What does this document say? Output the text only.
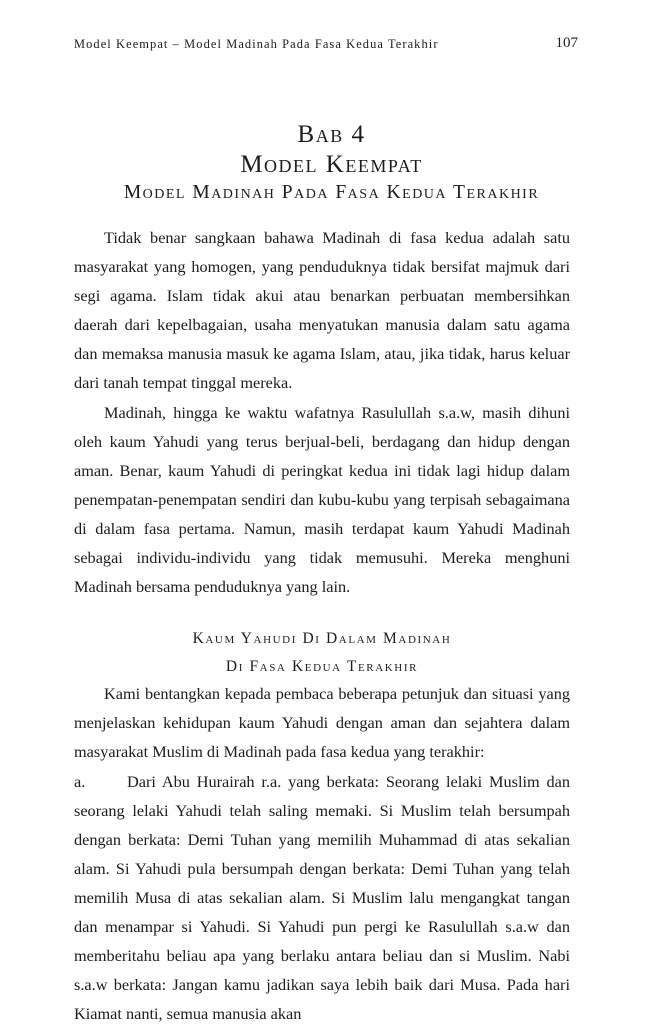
Model Keempat – Model Madinah Pada Fasa Kedua Terakhir	107
Bab 4
Model Keempat
Model Madinah Pada Fasa Kedua Terakhir

Tidak benar sangkaan bahawa Madinah di fasa kedua adalah satu masyarakat yang homogen, yang penduduknya tidak bersifat majmuk dari segi agama. Islam tidak akui atau benarkan perbuatan membersihkan daerah dari kepelbagaian, usaha menyatukan manusia dalam satu agama dan memaksa manusia masuk ke agama Islam, atau, jika tidak, harus keluar dari tanah tempat tinggal mereka.

Madinah, hingga ke waktu wafatnya Rasulullah s.a.w, masih dihuni oleh kaum Yahudi yang terus berjual-beli, berdagang dan hidup dengan aman. Benar, kaum Yahudi di peringkat kedua ini tidak lagi hidup dalam penempatan-penempatan sendiri dan kubu-kubu yang terpisah sebagaimana di dalam fasa pertama. Namun, masih terdapat kaum Yahudi Madinah sebagai individu-individu yang tidak memusuhi. Mereka menghuni Madinah bersama penduduknya yang lain.

Kaum Yahudi Di Dalam Madinah
Di Fasa Kedua Terakhir

Kami bentangkan kepada pembaca beberapa petunjuk dan situasi yang menjelaskan kehidupan kaum Yahudi dengan aman dan sejahtera dalam masyarakat Muslim di Madinah pada fasa kedua yang terakhir:

a.	Dari Abu Hurairah r.a. yang berkata: Seorang lelaki Muslim dan seorang lelaki Yahudi telah saling memaki. Si Muslim telah bersumpah dengan berkata: Demi Tuhan yang memilih Muhammad di atas sekalian alam. Si Yahudi pula bersumpah dengan berkata: Demi Tuhan yang telah memilih Musa di atas sekalian alam. Si Muslim lalu mengangkat tangan dan menampar si Yahudi. Si Yahudi pun pergi ke Rasulullah s.a.w dan memberitahu beliau apa yang berlaku antara beliau dan si Muslim. Nabi s.a.w berkata: Jangan kamu jadikan saya lebih baik dari Musa. Pada hari Kiamat nanti, semua manusia akan
